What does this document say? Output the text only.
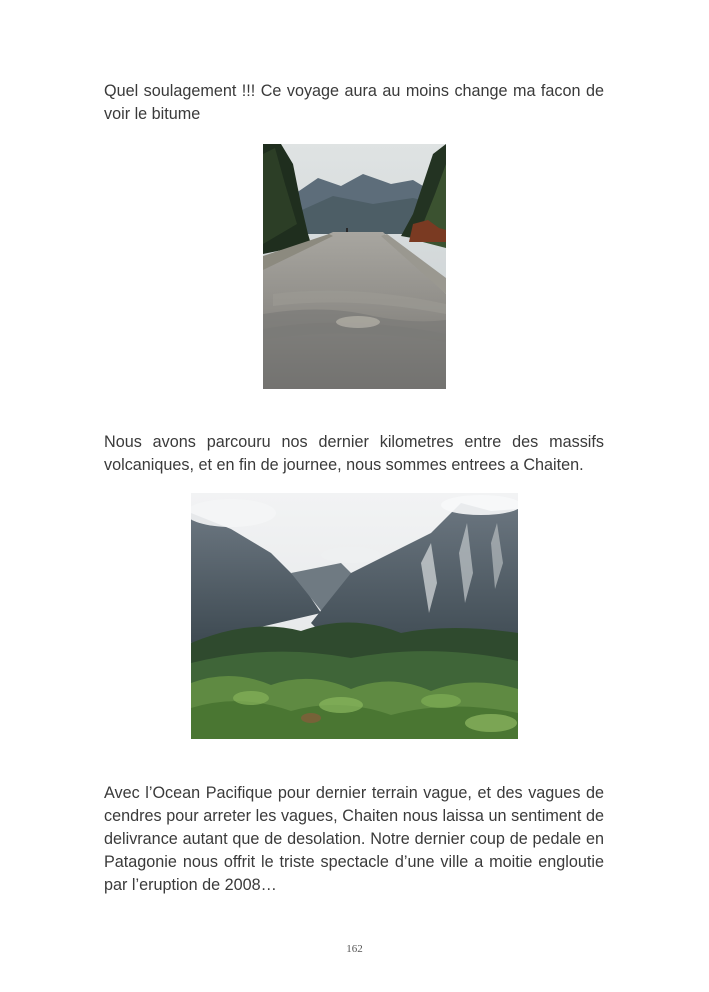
Quel soulagement !!! Ce voyage aura au moins change ma facon de voir le bitume

Nous avons parcouru nos dernier kilometres entre des massifs volcaniques, et en fin de journee, nous sommes entrees a Chaiten.

Avec l’Ocean Pacifique pour dernier terrain vague, et des vagues de cendres pour arreter les vagues, Chaiten nous laissa un sentiment de delivrance autant que de desolation. Notre dernier coup de pedale en Patagonie nous offrit le triste spectacle d’une ville a moitie engloutie par l’eruption de 2008…

162
